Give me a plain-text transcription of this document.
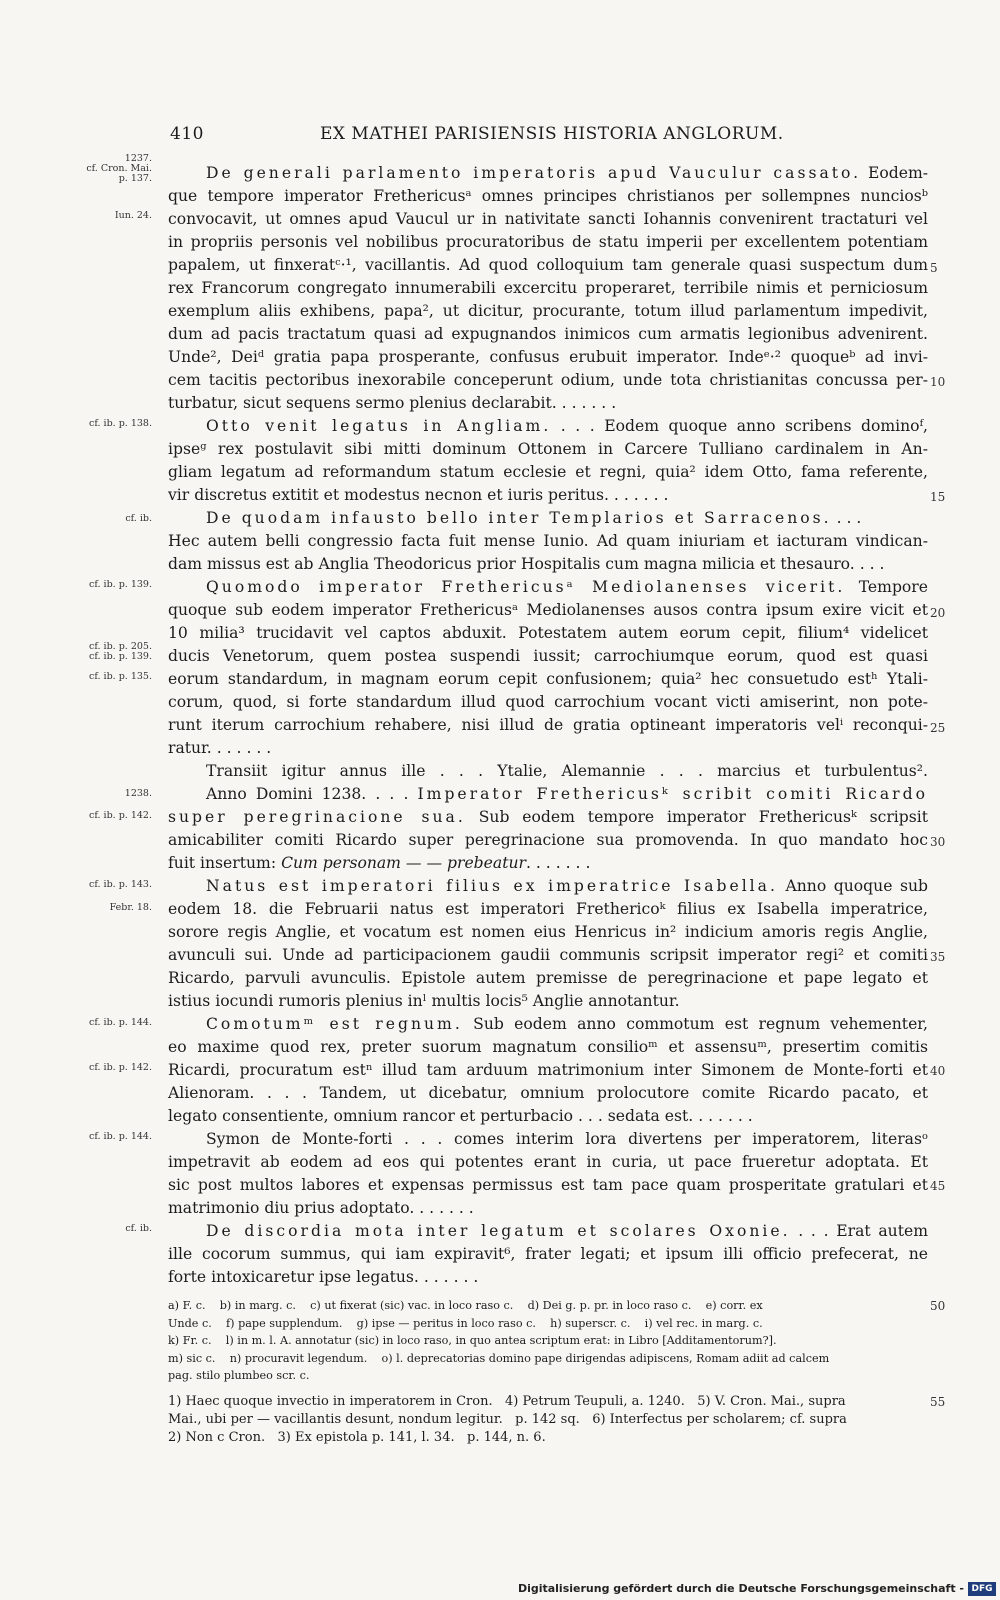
410	EX MATHEI PARISIENSIS HISTORIA ANGLORUM.
1237.
cf. Cron. Mai.
p. 137.
Iun. 24.
cf. ib. p. 138.
cf. ib.
cf. ib. p. 139.
cf. ib. p. 205.
cf. ib. p. 139.
cf. ib. p. 135.
1238.
cf. ib. p. 142.
cf. ib. p. 143.
Febr. 18.
cf. ib. p. 144.
cf. ib. p. 142.
cf. ib. p. 144.
cf. ib.
5
10
15
20
25
30
35
40
45
50
55
De generali parlamento imperatoris apud Vauculur cassato. Eodem-
que tempore imperator Frethericusᵃ omnes principes christianos per sollempnes nunciosᵇ
convocavit, ut omnes apud Vaucul ur in nativitate sancti Iohannis convenirent tractaturi vel
in propriis personis vel nobilibus procuratoribus de statu imperii per excellentem potentiam
papalem, ut finxeratᶜ·¹, vacillantis. Ad quod colloquium tam generale quasi suspectum dum
rex Francorum congregato innumerabili excercitu properaret, terribile nimis et perniciosum
exemplum aliis exhibens, papa², ut dicitur, procurante, totum illud parlamentum impedivit,
dum ad pacis tractatum quasi ad expugnandos inimicos cum armatis legionibus advenirent.
Unde², Deiᵈ gratia papa prosperante, confusus erubuit imperator. Indeᵉ·² quoqueᵇ ad invi-
cem tacitis pectoribus inexorabile conceperunt odium, unde tota christianitas concussa per-
turbatur, sicut sequens sermo plenius declarabit. . . . . . .
Otto venit legatus in Angliam. . . . Eodem quoque anno scribens dominoᶠ,
ipseᵍ rex postulavit sibi mitti dominum Ottonem in Carcere Tulliano cardinalem in An-
gliam legatum ad reformandum statum ecclesie et regni, quia² idem Otto, fama referente,
vir discretus extitit et modestus necnon et iuris peritus. . . . . . .
De quodam infausto bello inter Templarios et Sarracenos. . . .
Hec autem belli congressio facta fuit mense Iunio. Ad quam iniuriam et iacturam vindican-
dam missus est ab Anglia Theodoricus prior Hospitalis cum magna milicia et thesauro. . . .
Quomodo imperator Frethericusᵃ Mediolanenses vicerit. Tempore
quoque sub eodem imperator Frethericusᵃ Mediolanenses ausos contra ipsum exire vicit et
10 milia³ trucidavit vel captos abduxit. Potestatem autem eorum cepit, filium⁴ videlicet
ducis Venetorum, quem postea suspendi iussit; carrochiumque eorum, quod est quasi
eorum standardum, in magnam eorum cepit confusionem; quia² hec consuetudo estʰ Ytali-
corum, quod, si forte standardum illud quod carrochium vocant victi amiserint, non pote-
runt iterum carrochium rehabere, nisi illud de gratia optineant imperatoris velⁱ reconqui-
ratur. . . . . . .
Transiit igitur annus ille . . . Ytalie, Alemannie . . . marcius et turbulentus².
Anno Domini 1238. . . . Imperator Frethericusᵏ scribit comiti Ricardo
super peregrinacione sua. Sub eodem tempore imperator Frethericusᵏ scripsit
amicabiliter comiti Ricardo super peregrinacione sua promovenda. In quo mandato hoc
fuit insertum: Cum personam — — prebeatur. . . . . . .
Natus est imperatori filius ex imperatrice Isabella. Anno quoque sub
eodem 18. die Februarii natus est imperatori Frethericoᵏ filius ex Isabella imperatrice,
sorore regis Anglie, et vocatum est nomen eius Henricus in² indicium amoris regis Anglie,
avunculi sui. Unde ad participacionem gaudii communis scripsit imperator regi² et comiti
Ricardo, parvuli avunculis. Epistole autem premisse de peregrinacione et pape legato et
istius iocundi rumoris plenius inˡ multis locis⁵ Anglie annotantur.
Comotumᵐ est regnum. Sub eodem anno commotum est regnum vehementer,
eo maxime quod rex, preter suorum magnatum consilioᵐ et assensuᵐ, presertim comitis
Ricardi, procuratum estⁿ illud tam arduum matrimonium inter Simonem de Monte-forti et
Alienoram. . . . Tandem, ut dicebatur, omnium prolocutore comite Ricardo pacato, et
legato consentiente, omnium rancor et perturbacio . . . sedata est. . . . . . .
Symon de Monte-forti . . . comes interim lora divertens per imperatorem, literasᵒ
impetravit ab eodem ad eos qui potentes erant in curia, ut pace frueretur adoptata. Et
sic post multos labores et expensas permissus est tam pace quam prosperitate gratulari et
matrimonio diu prius adoptato. . . . . . .
De discordia mota inter legatum et scolares Oxonie. . . . Erat autem
ille cocorum summus, qui iam expiravit⁶, frater legati; et ipsum illi officio prefecerat, ne
forte intoxicaretur ipse legatus. . . . . . .
a) F. c.    b) in marg. c.    c) ut fixerat (sic) vac. in loco raso c.    d) Dei g. p. pr. in loco raso c.    e) corr. ex
Unde c.    f) pape supplendum.    g) ipse — peritus in loco raso c.    h) superscr. c.    i) vel rec. in marg. c.
k) Fr. c.    l) in m. l. A. annotatur (sic) in loco raso, in quo antea scriptum erat: in Libro [Additamentorum?].
m) sic c.    n) procuravit legendum.    o) l. deprecatorias domino pape dirigendas adipiscens, Romam adiit ad calcem
pag. stilo plumbeo scr. c.
1) Haec quoque invectio in imperatorem in Cron.   4) Petrum Teupuli, a. 1240.   5) V. Cron. Mai., supra
Mai., ubi per — vacillantis desunt, nondum legitur.   p. 142 sq.   6) Interfectus per scholarem; cf. supra
2) Non c Cron.   3) Ex epistola p. 141, l. 34.   p. 144, n. 6.
Digitalisierung gefördert durch die Deutsche Forschungsgemeinschaft - DFG
